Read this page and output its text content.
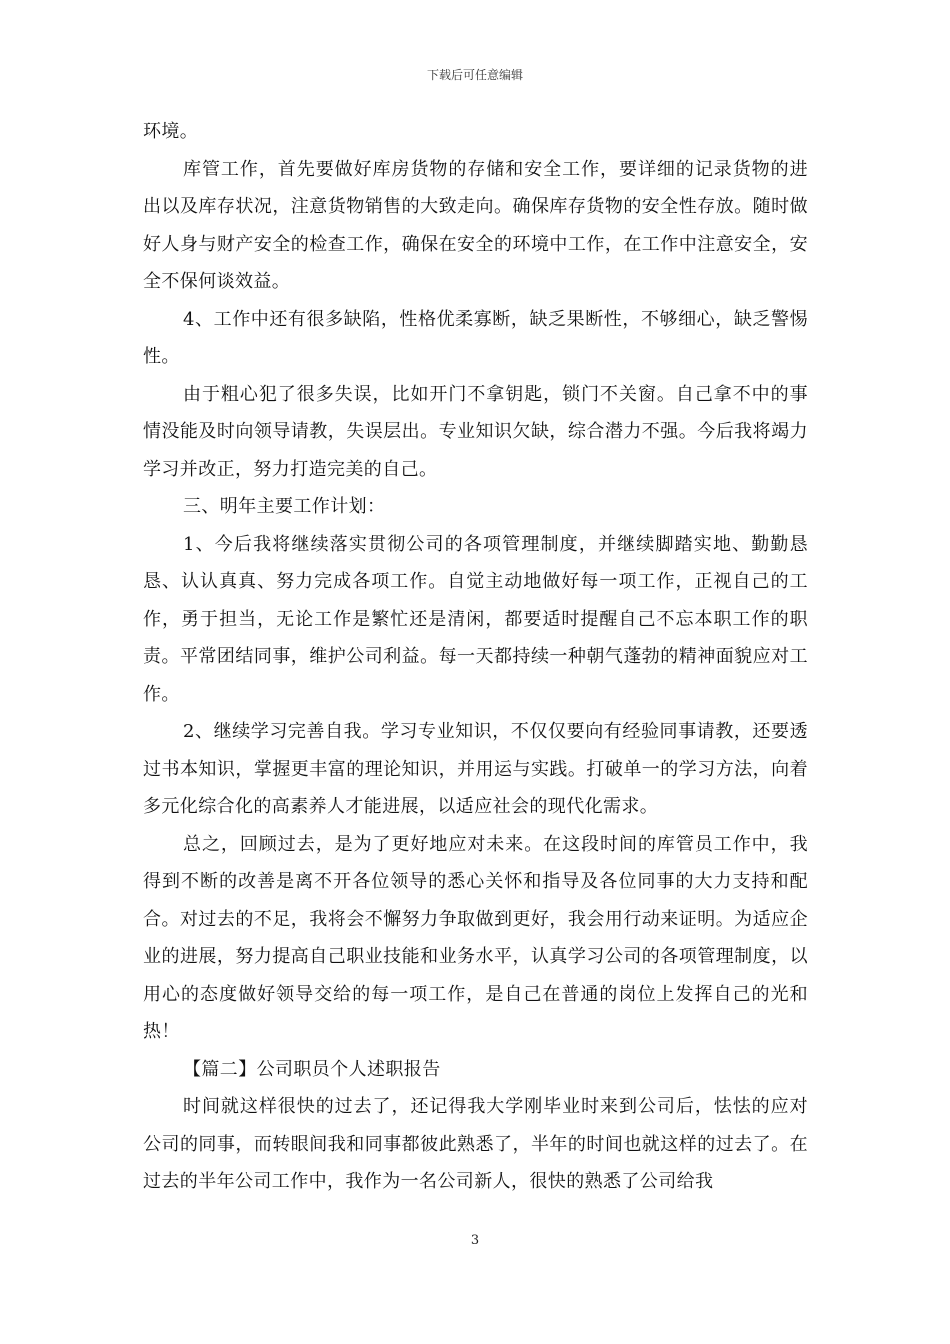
下载后可任意编辑

环境。

库管工作，首先要做好库房货物的存储和安全工作，要详细的记录货物的进出以及库存状况，注意货物销售的大致走向。确保库存货物的安全性存放。随时做好人身与财产安全的检查工作，确保在安全的环境中工作，在工作中注意安全，安全不保何谈效益。

4、工作中还有很多缺陷，性格优柔寡断，缺乏果断性，不够细心，缺乏警惕性。

由于粗心犯了很多失误，比如开门不拿钥匙，锁门不关窗。自己拿不中的事情没能及时向领导请教，失误层出。专业知识欠缺，综合潜力不强。今后我将竭力学习并改正，努力打造完美的自己。

三、明年主要工作计划：

1、今后我将继续落实贯彻公司的各项管理制度，并继续脚踏实地、勤勤恳恳、认认真真、努力完成各项工作。自觉主动地做好每一项工作，正视自己的工作，勇于担当，无论工作是繁忙还是清闲，都要适时提醒自己不忘本职工作的职责。平常团结同事，维护公司利益。每一天都持续一种朝气蓬勃的精神面貌应对工作。

2、继续学习完善自我。学习专业知识，不仅仅要向有经验同事请教，还要透过书本知识，掌握更丰富的理论知识，并用运与实践。打破单一的学习方法，向着多元化综合化的高素养人才能进展，以适应社会的现代化需求。

总之，回顾过去，是为了更好地应对未来。在这段时间的库管员工作中，我得到不断的改善是离不开各位领导的悉心关怀和指导及各位同事的大力支持和配合。对过去的不足，我将会不懈努力争取做到更好，我会用行动来证明。为适应企业的进展，努力提高自己职业技能和业务水平，认真学习公司的各项管理制度，以用心的态度做好领导交给的每一项工作，是自己在普通的岗位上发挥自己的光和热！

【篇二】公司职员个人述职报告

时间就这样很快的过去了，还记得我大学刚毕业时来到公司后，怯怯的应对公司的同事，而转眼间我和同事都彼此熟悉了，半年的时间也就这样的过去了。在过去的半年公司工作中，我作为一名公司新人，很快的熟悉了公司给我

3
